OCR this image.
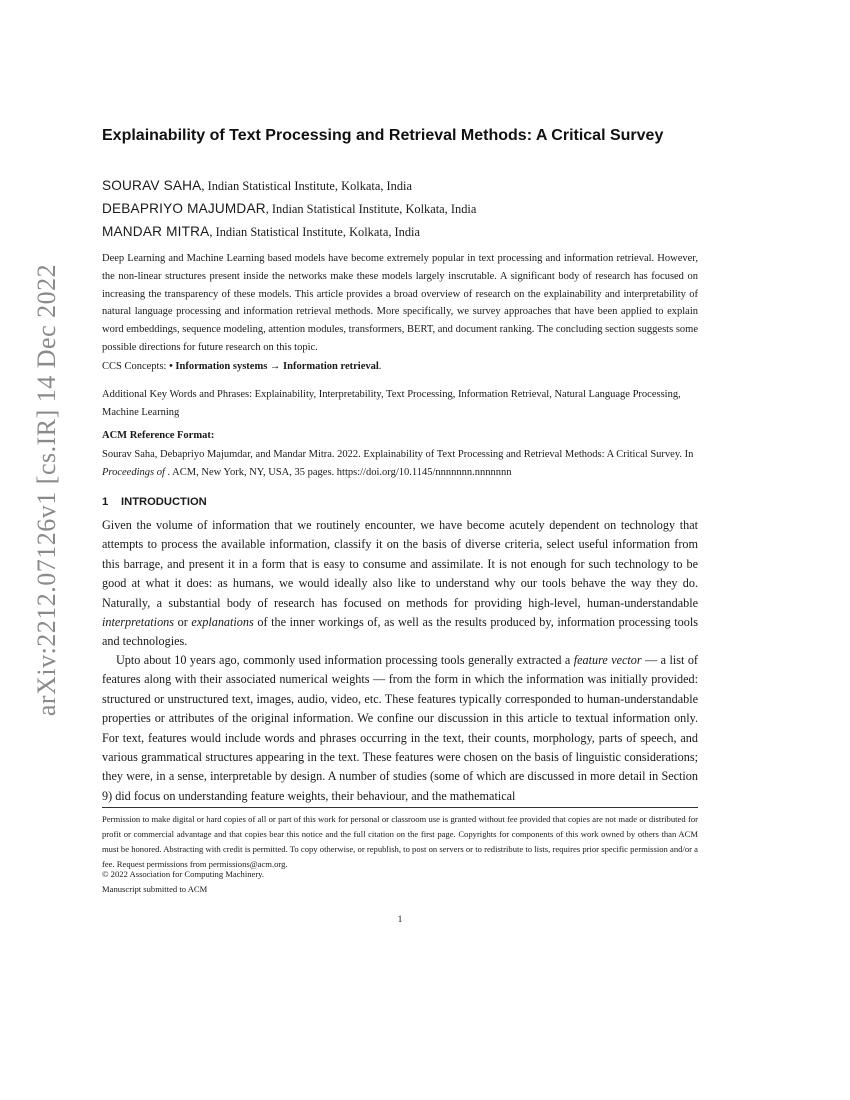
arXiv:2212.07126v1 [cs.IR] 14 Dec 2022
Explainability of Text Processing and Retrieval Methods: A Critical Survey
SOURAV SAHA, Indian Statistical Institute, Kolkata, India
DEBAPRIYO MAJUMDAR, Indian Statistical Institute, Kolkata, India
MANDAR MITRA, Indian Statistical Institute, Kolkata, India

Deep Learning and Machine Learning based models have become extremely popular in text processing and information retrieval. However, the non-linear structures present inside the networks make these models largely inscrutable. A significant body of research has focused on increasing the transparency of these models. This article provides a broad overview of research on the explainability and interpretability of natural language processing and information retrieval methods. More specifically, we survey approaches that have been applied to explain word embeddings, sequence modeling, attention modules, transformers, BERT, and document ranking. The concluding section suggests some possible directions for future research on this topic.

CCS Concepts: • Information systems → Information retrieval.

Additional Key Words and Phrases: Explainability, Interpretability, Text Processing, Information Retrieval, Natural Language Processing, Machine Learning

ACM Reference Format:

Sourav Saha, Debapriyo Majumdar, and Mandar Mitra. 2022. Explainability of Text Processing and Retrieval Methods: A Critical Survey. In Proceedings of . ACM, New York, NY, USA, 35 pages. https://doi.org/10.1145/nnnnnnn.nnnnnnn

1 INTRODUCTION

Given the volume of information that we routinely encounter, we have become acutely dependent on technology that attempts to process the available information, classify it on the basis of diverse criteria, select useful information from this barrage, and present it in a form that is easy to consume and assimilate. It is not enough for such technology to be good at what it does: as humans, we would ideally also like to understand why our tools behave the way they do. Naturally, a substantial body of research has focused on methods for providing high-level, human-understandable interpretations or explanations of the inner workings of, as well as the results produced by, information processing tools and technologies.

Upto about 10 years ago, commonly used information processing tools generally extracted a feature vector — a list of features along with their associated numerical weights — from the form in which the information was initially provided: structured or unstructured text, images, audio, video, etc. These features typically corresponded to human-understandable properties or attributes of the original information. We confine our discussion in this article to textual information only. For text, features would include words and phrases occurring in the text, their counts, morphology, parts of speech, and various grammatical structures appearing in the text. These features were chosen on the basis of linguistic considerations; they were, in a sense, interpretable by design. A number of studies (some of which are discussed in more detail in Section 9) did focus on understanding feature weights, their behaviour, and the mathematical

Permission to make digital or hard copies of all or part of this work for personal or classroom use is granted without fee provided that copies are not made or distributed for profit or commercial advantage and that copies bear this notice and the full citation on the first page. Copyrights for components of this work owned by others than ACM must be honored. Abstracting with credit is permitted. To copy otherwise, or republish, to post on servers or to redistribute to lists, requires prior specific permission and/or a fee. Request permissions from permissions@acm.org.

© 2022 Association for Computing Machinery.
Manuscript submitted to ACM
1
